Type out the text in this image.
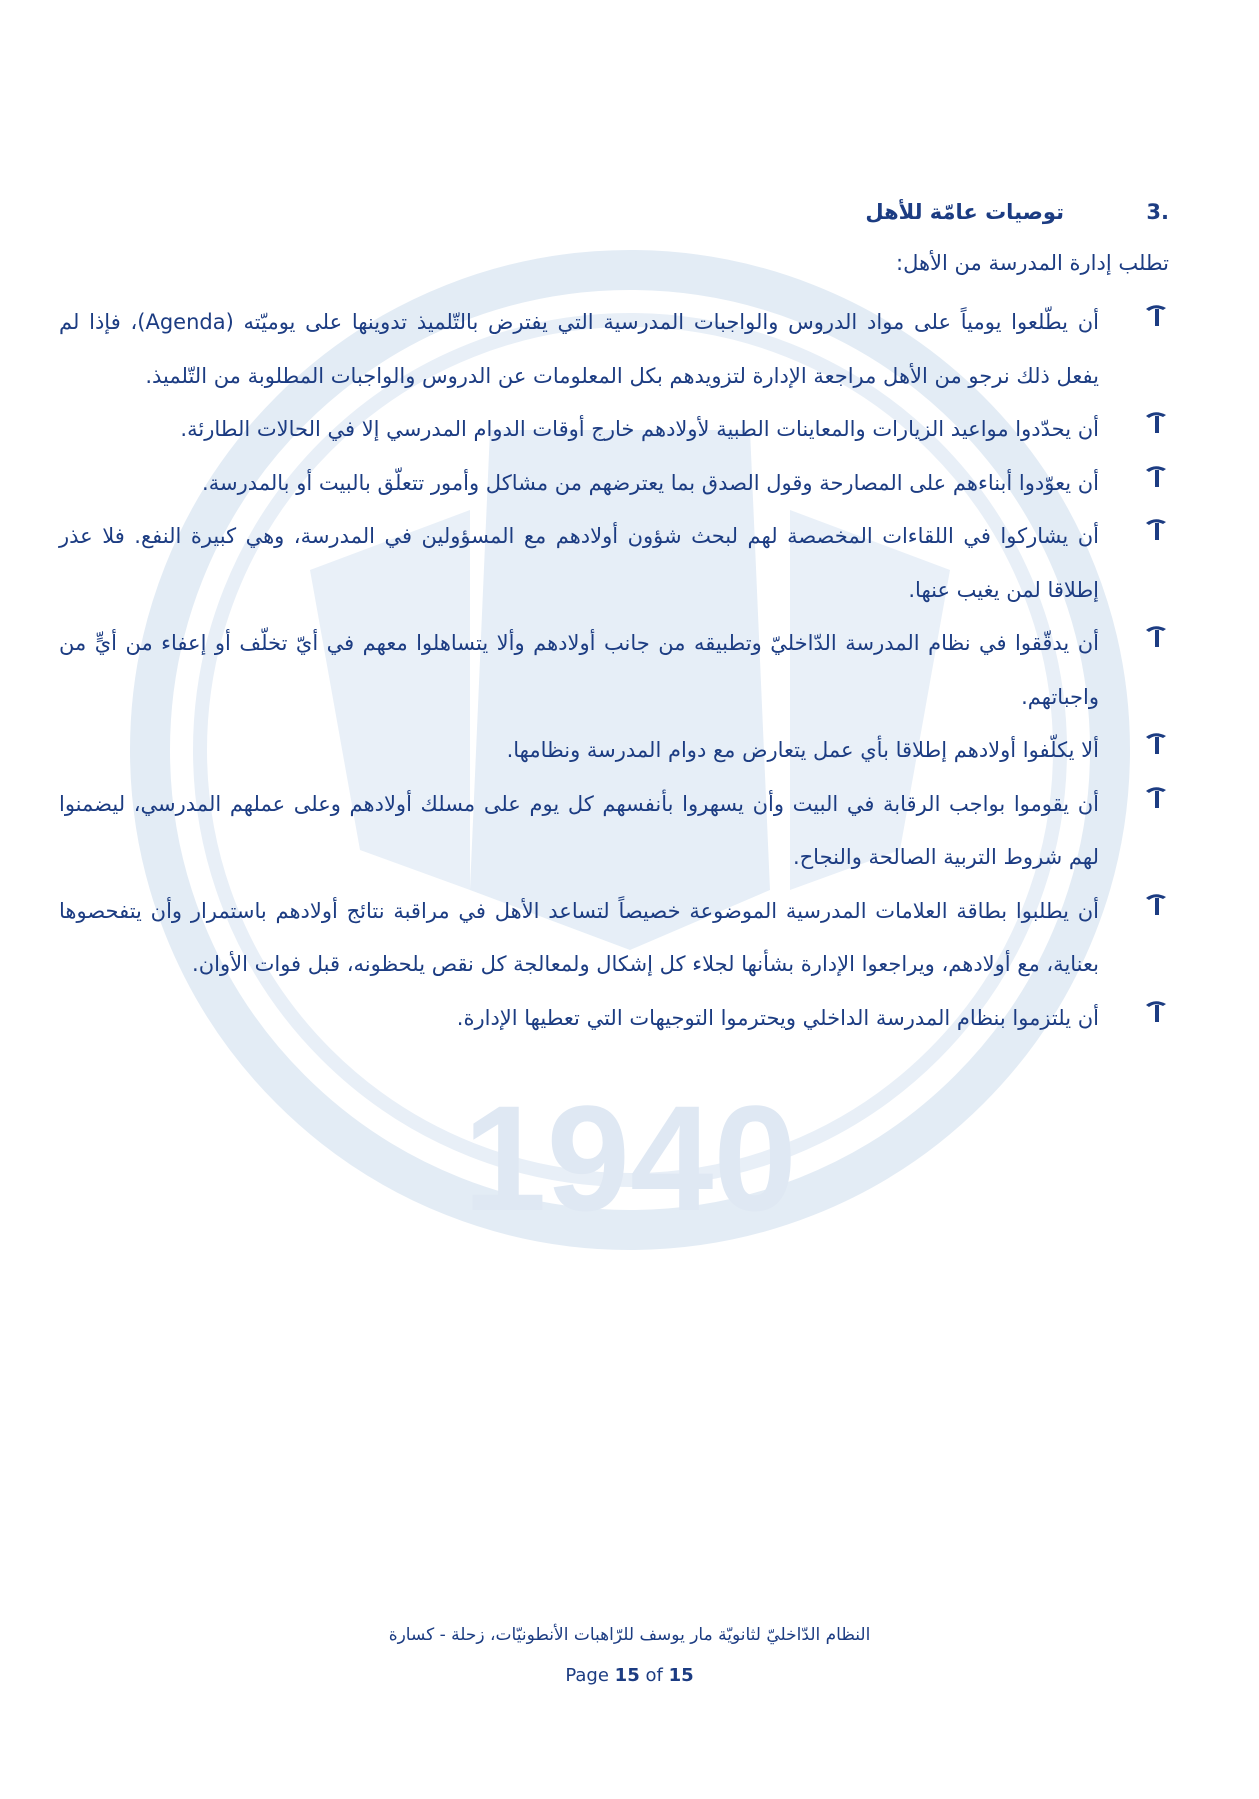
1940
3.
توصيات عامّة للأهل
تطلب إدارة المدرسة من الأهل:
أن يطّلعوا يومياً على مواد الدروس والواجبات المدرسية التي يفترض بالتّلميذ تدوينها على يوميّته (Agenda)، فإذا لم يفعل ذلك نرجو من الأهل مراجعة الإدارة لتزويدهم بكل المعلومات عن الدروس والواجبات المطلوبة من التّلميذ.
أن يحدّدوا مواعيد الزيارات والمعاينات الطبية لأولادهم خارج أوقات الدوام المدرسي إلا في الحالات الطارئة.
أن يعوّدوا أبناءهم على المصارحة وقول الصدق بما يعترضهم من مشاكل وأمور تتعلّق بالبيت أو بالمدرسة.
أن يشاركوا في اللقاءات المخصصة لهم لبحث شؤون أولادهم مع المسؤولين في المدرسة، وهي كبيرة النفع. فلا عذر إطلاقا لمن يغيب عنها.
أن يدقّقوا في نظام المدرسة الدّاخليّ وتطبيقه من جانب أولادهم وألا يتساهلوا معهم في أيّ تخلّف أو إعفاء من أيٍّ من واجباتهم.
ألا يكلّفوا أولادهم إطلاقا بأي عمل يتعارض مع دوام المدرسة ونظامها.
أن يقوموا بواجب الرقابة في البيت وأن يسهروا بأنفسهم كل يوم على مسلك أولادهم وعلى عملهم المدرسي، ليضمنوا لهم شروط التربية الصالحة والنجاح.
أن يطلبوا بطاقة العلامات المدرسية الموضوعة خصيصاً لتساعد الأهل في مراقبة نتائج أولادهم باستمرار وأن يتفحصوها بعناية، مع أولادهم، ويراجعوا الإدارة بشأنها لجلاء كل إشكال ولمعالجة كل نقص يلحظونه، قبل فوات الأوان.
أن يلتزموا بنظام المدرسة الداخلي ويحترموا التوجيهات التي تعطيها الإدارة.
النظام الدّاخليّ لثانويّة مار يوسف للرّاهبات الأنطونيّات، زحلة - كسارة
Page 15 of 15
